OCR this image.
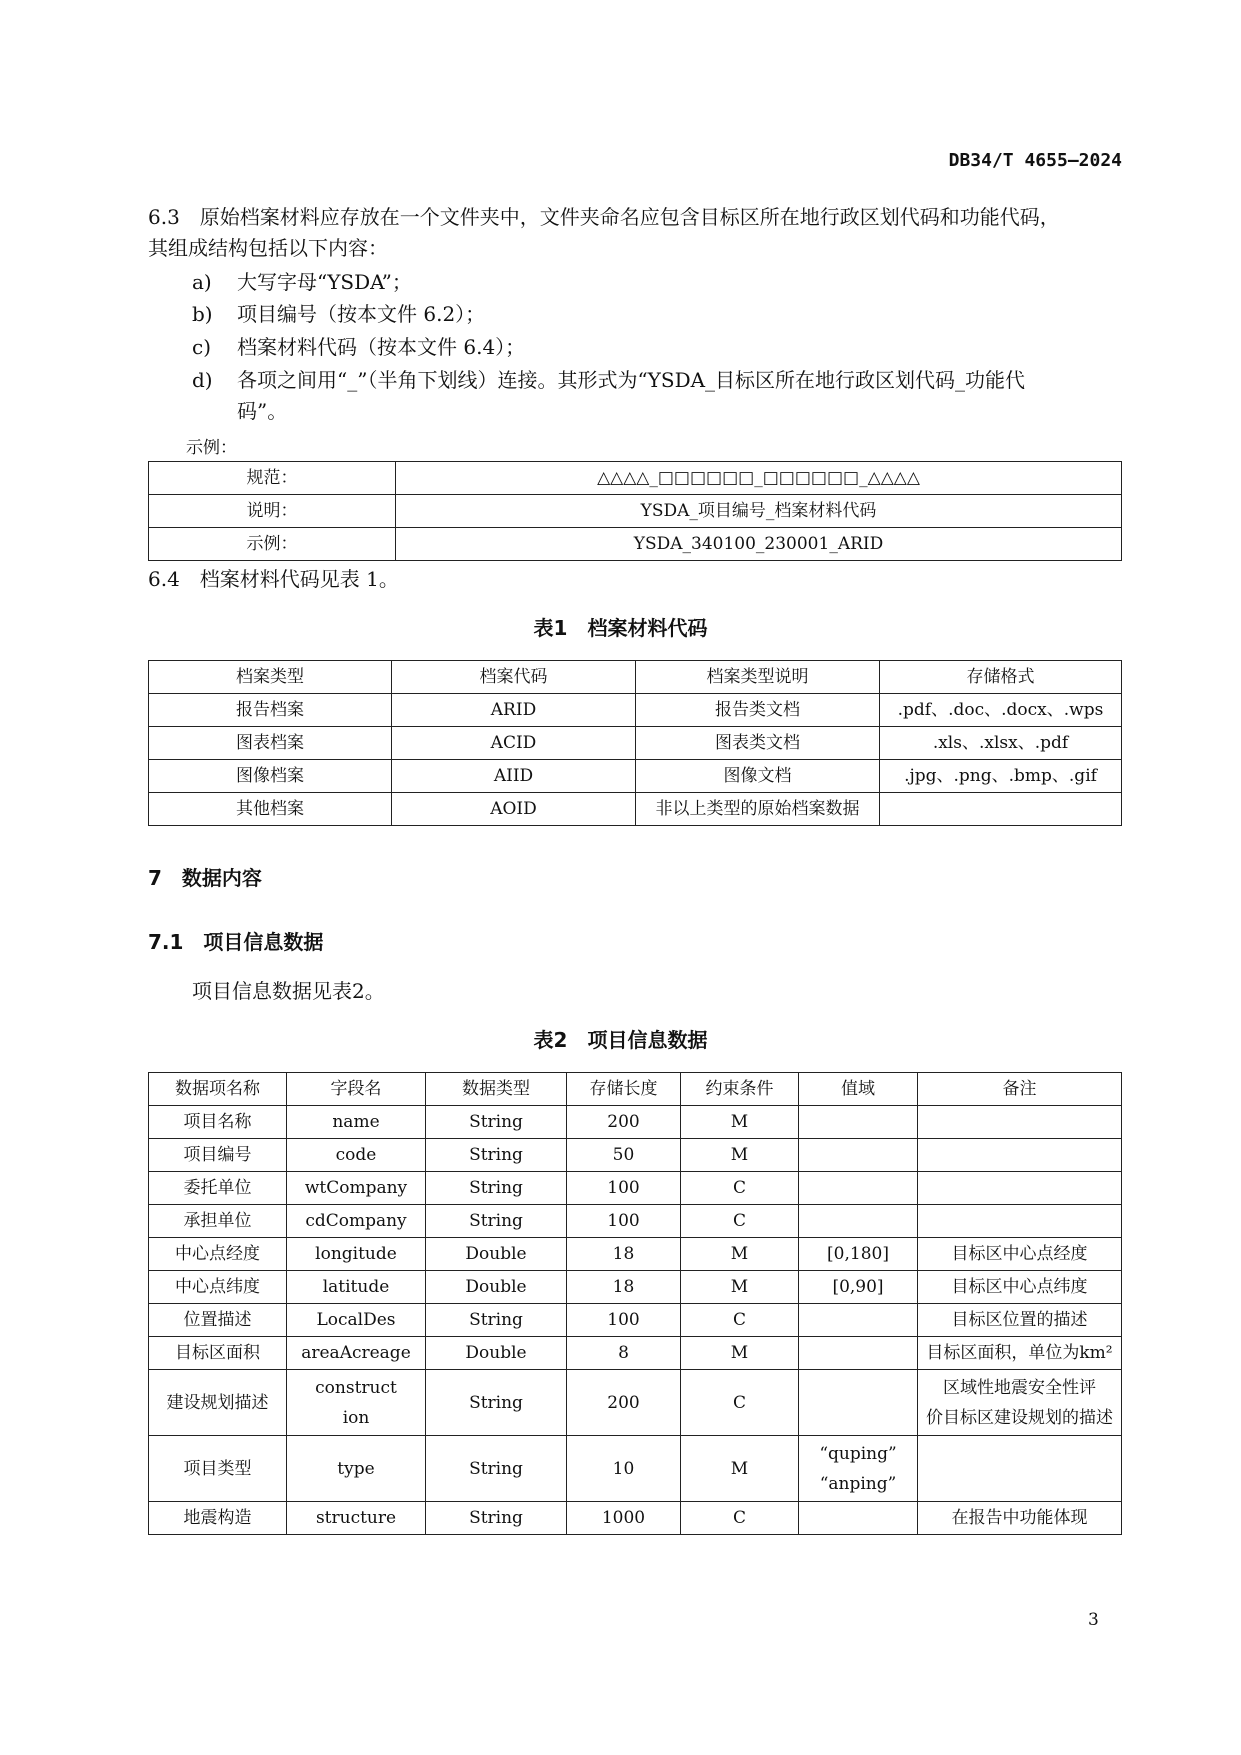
DB34/T 4655—2024
6.3　原始档案材料应存放在一个文件夹中，文件夹命名应包含目标区所在地行政区划代码和功能代码，
其组成结构包括以下内容：
a) 大写字母“YSDA”；
b) 项目编号（按本文件 6.2）；
c) 档案材料代码（按本文件 6.4）；
d) 各项之间用“_”（半角下划线）连接。其形式为“YSDA_目标区所在地行政区划代码_功能代
码”。
示例：
规范：	△△△△_□□□□□□_□□□□□□_△△△△
说明：	YSDA_项目编号_档案材料代码
示例：	YSDA_340100_230001_ARID
6.4　档案材料代码见表 1。
表1　档案材料代码
档案类型	档案代码	档案类型说明	存储格式
报告档案	ARID	报告类文档	.pdf、.doc、.docx、.wps
图表档案	ACID	图表类文档	.xls、.xlsx、.pdf
图像档案	AIID	图像文档	.jpg、.png、.bmp、.gif
其他档案	AOID	非以上类型的原始档案数据	
7　数据内容
7.1　项目信息数据
项目信息数据见表2。
表2　项目信息数据
数据项名称	字段名	数据类型	存储长度	约束条件	值域	备注
项目名称	name	String	200	M		
项目编号	code	String	50	M		
委托单位	wtCompany	String	100	C		
承担单位	cdCompany	String	100	C		
中心点经度	longitude	Double	18	M	[0,180]	目标区中心点经度
中心点纬度	latitude	Double	18	M	[0,90]	目标区中心点纬度
位置描述	LocalDes	String	100	C		目标区位置的描述
目标区面积	areaAcreage	Double	8	M		目标区面积，单位为km²
建设规划描述	construct
ion	String	200	C		区域性地震安全性评
价目标区建设规划的描述
项目类型	type	String	10	M	“quping”
“anping”	
地震构造	structure	String	1000	C		在报告中功能体现
3
